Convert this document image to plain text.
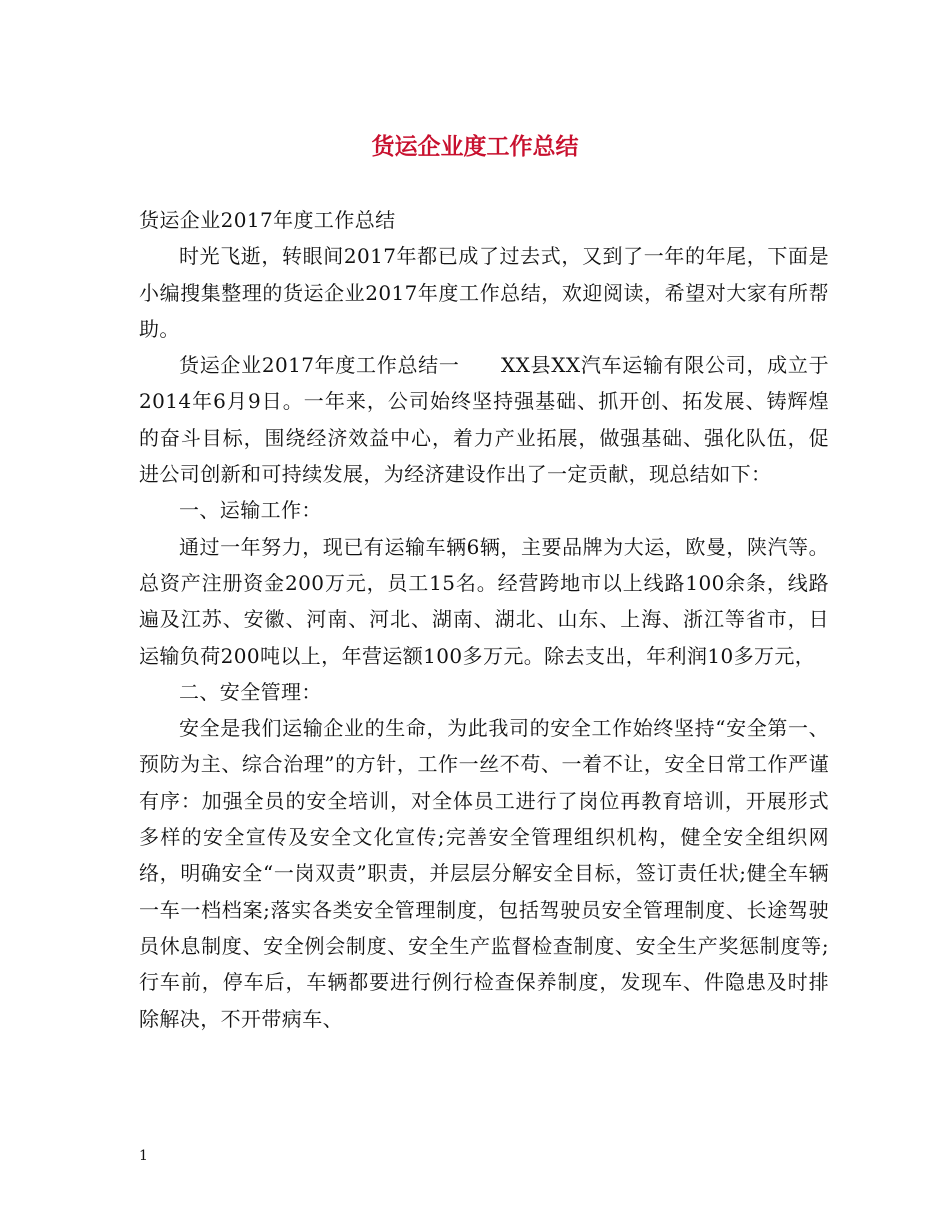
货运企业度工作总结

货运企业2017年度工作总结

时光飞逝，转眼间2017年都已成了过去式，又到了一年的年尾，下面是小编搜集整理的货运企业2017年度工作总结，欢迎阅读，希望对大家有所帮助。

货运企业2017年度工作总结一　　XX县XX汽车运输有限公司，成立于2014年6月9日。一年来，公司始终坚持强基础、抓开创、拓发展、铸辉煌的奋斗目标，围绕经济效益中心，着力产业拓展，做强基础、强化队伍，促进公司创新和可持续发展，为经济建设作出了一定贡献，现总结如下：

一、运输工作：

通过一年努力，现已有运输车辆6辆，主要品牌为大运，欧曼，陕汽等。总资产注册资金200万元，员工15名。经营跨地市以上线路100余条，线路遍及江苏、安徽、河南、河北、湖南、湖北、山东、上海、浙江等省市，日运输负荷200吨以上，年营运额100多万元。除去支出，年利润10多万元，

二、安全管理：

安全是我们运输企业的生命，为此我司的安全工作始终坚持“安全第一、预防为主、综合治理”的方针，工作一丝不苟、一着不让，安全日常工作严谨有序：加强全员的安全培训，对全体员工进行了岗位再教育培训，开展形式多样的安全宣传及安全文化宣传;完善安全管理组织机构，健全安全组织网络，明确安全“一岗双责”职责，并层层分解安全目标，签订责任状;健全车辆一车一档档案;落实各类安全管理制度，包括驾驶员安全管理制度、长途驾驶员休息制度、安全例会制度、安全生产监督检查制度、安全生产奖惩制度等;行车前，停车后，车辆都要进行例行检查保养制度，发现车、件隐患及时排除解决，不开带病车、

1
